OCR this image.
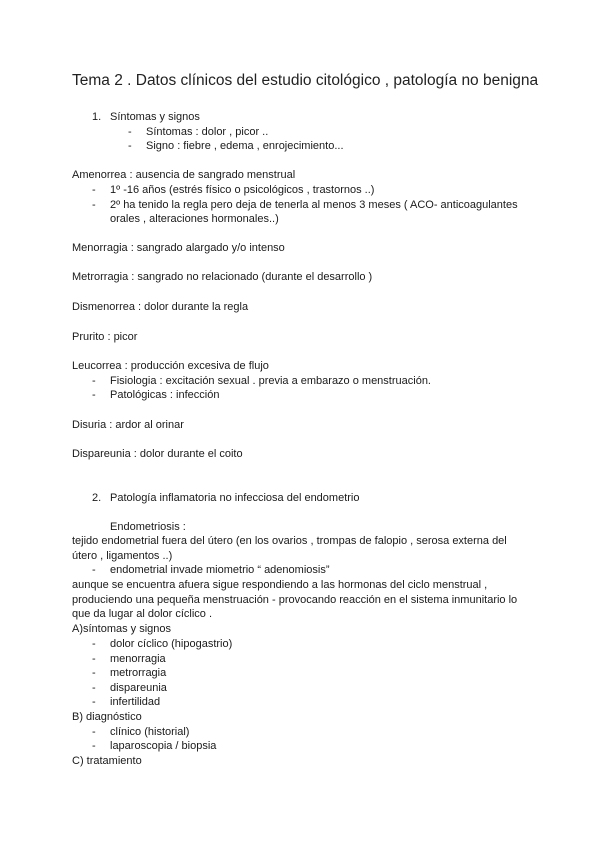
Tema 2 . Datos clínicos del estudio citológico , patología no benigna
1. Síntomas y signos
- Síntomas : dolor , picor ..
- Signo : fiebre , edema , enrojecimiento...
Amenorrea : ausencia de sangrado menstrual
- 1º -16 años (estrés físico o psicológicos , trastornos ..)
- 2º ha tenido la regla pero deja de tenerla al menos 3 meses ( ACO- anticoagulantes
orales , alteraciones hormonales..)
Menorragia : sangrado alargado y/o intenso
Metrorragia : sangrado no relacionado (durante el desarrollo )
Dismenorrea : dolor durante la regla
Prurito : picor
Leucorrea : producción excesiva de flujo
- Fisiologia : excitación sexual . previa a embarazo o menstruación.
- Patológicas : infección
Disuria : ardor al orinar
Dispareunia : dolor durante el coito
2. Patología inflamatoria no infecciosa del endometrio
Endometriosis :
tejido endometrial fuera del útero (en los ovarios , trompas de falopio , serosa externa del
útero , ligamentos ..)
- endometrial invade miometrio “ adenomiosis”
aunque se encuentra afuera sigue respondiendo a las hormonas del ciclo menstrual ,
produciendo una pequeña menstruación - provocando reacción en el sistema inmunitario lo
que da lugar al dolor cíclico .
A)síntomas y signos
- dolor cíclico (hipogastrio)
- menorragia
- metrorragia
- dispareunia
- infertilidad
B) diagnóstico
- clínico (historial)
- laparoscopia / biopsia
C) tratamiento
